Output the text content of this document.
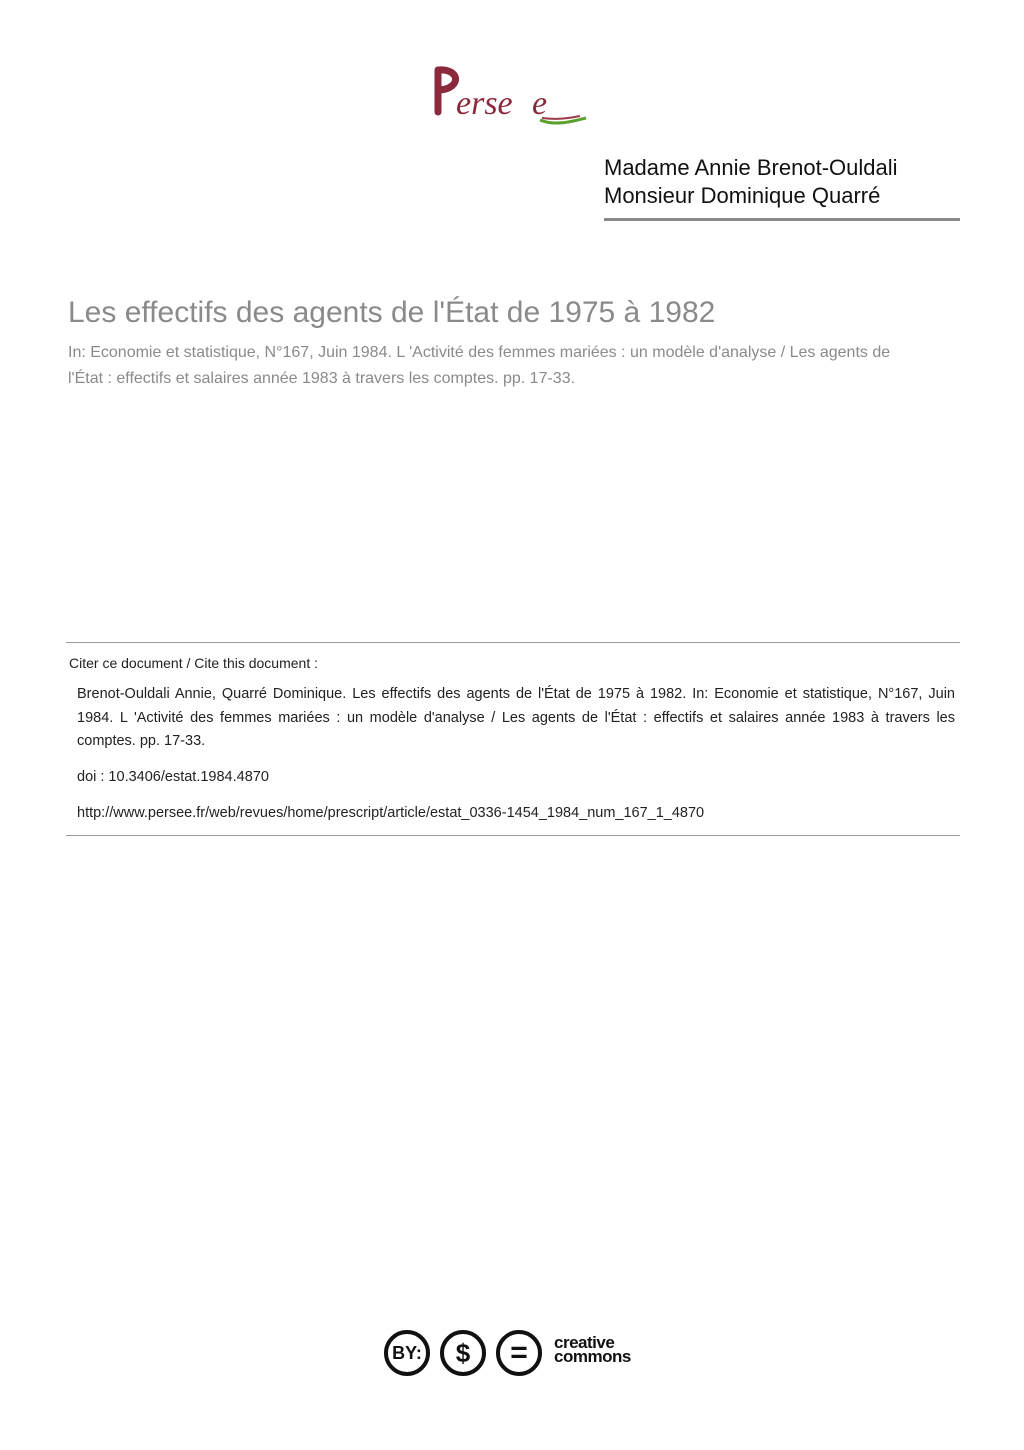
erse e
Madame Annie Brenot-Ouldali
Monsieur Dominique Quarré
Les effectifs des agents de l'État de 1975 à 1982
In: Economie et statistique, N°167, Juin 1984. L 'Activité des femmes mariées : un modèle d'analyse / Les agents de
l'État : effectifs et salaires année 1983 à travers les comptes. pp. 17-33.
Citer ce document / Cite this document :
Brenot-Ouldali Annie, Quarré Dominique. Les effectifs des agents de l'État de 1975 à 1982. In: Economie et statistique, N°167, Juin 1984. L 'Activité des femmes mariées : un modèle d'analyse / Les agents de l'État : effectifs et salaires année 1983 à travers les comptes. pp. 17-33.
doi : 10.3406/estat.1984.4870
http://www.persee.fr/web/revues/home/prescript/article/estat_0336-1454_1984_num_167_1_4870
BY: $ = creative
commons
